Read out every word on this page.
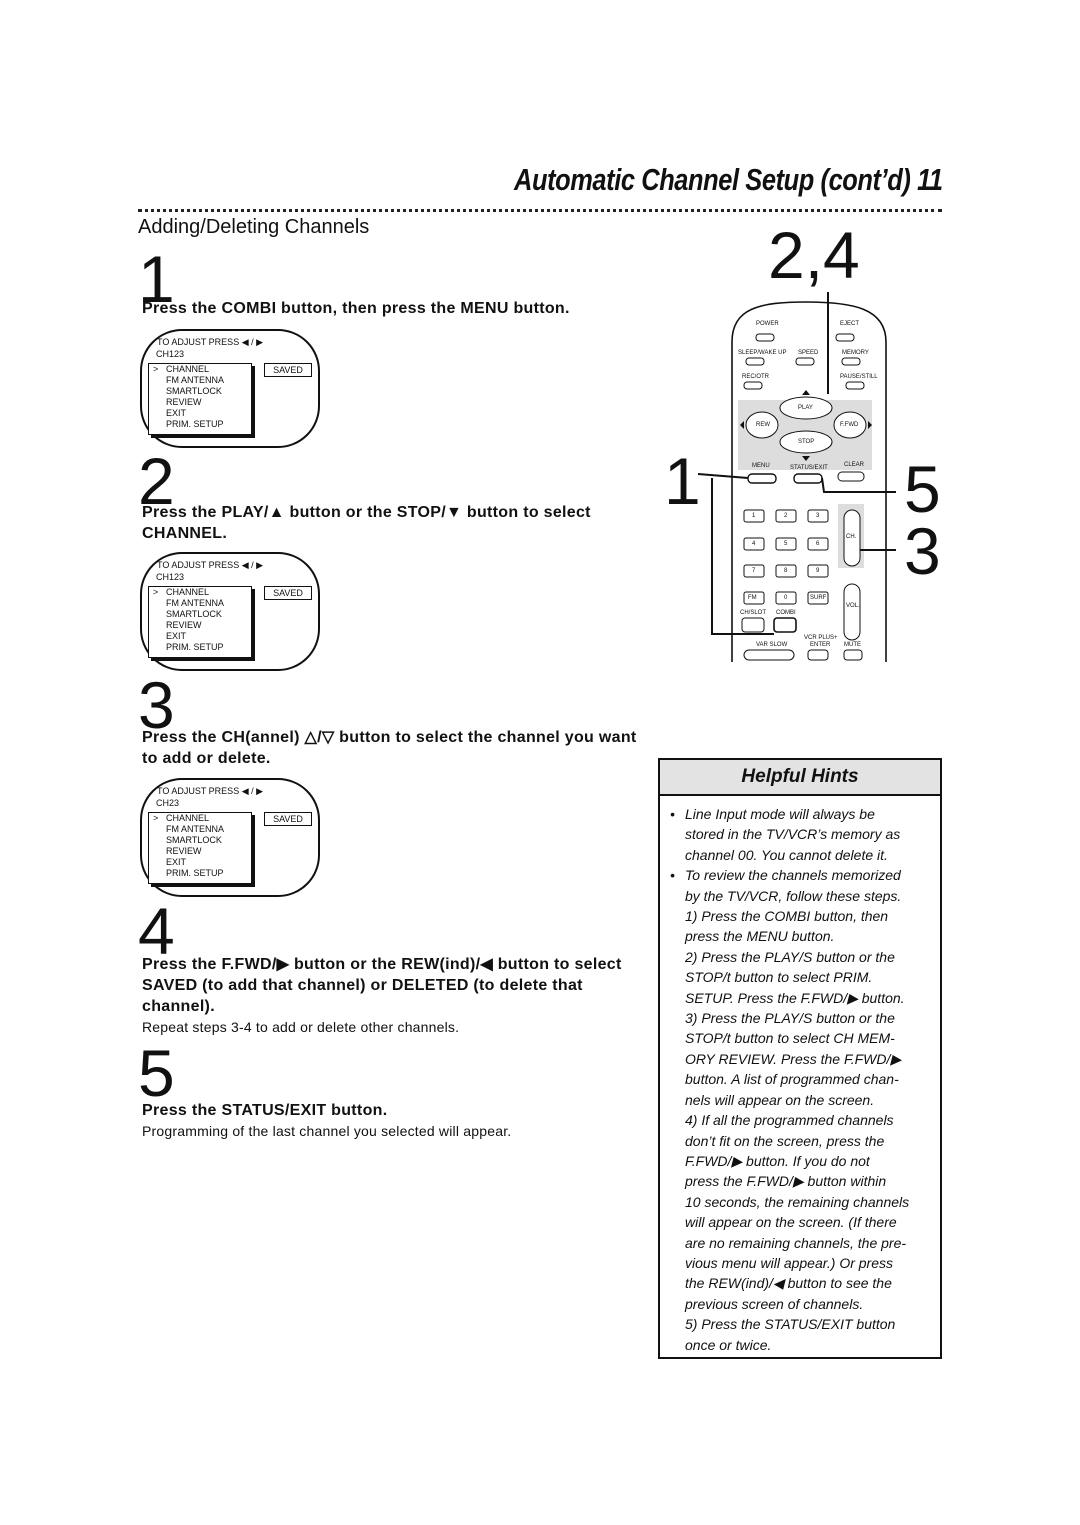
Automatic Channel Setup (cont’d) 11
Adding/Deleting Channels
1
Press the COMBI button, then press the MENU button.
TO ADJUST PRESS ◀ / ▶
CH123
> CHANNEL
FM ANTENNA
SMARTLOCK
REVIEW
EXIT
PRIM. SETUP
SAVED
2
Press the PLAY/▲ button or the STOP/▼ button to select CHANNEL.
TO ADJUST PRESS ◀ / ▶
CH123
> CHANNEL
FM ANTENNA
SMARTLOCK
REVIEW
EXIT
PRIM. SETUP
SAVED
3
Press the CH(annel) △/▽ button to select the channel you want to add or delete.
TO ADJUST PRESS ◀ / ▶
CH23
> CHANNEL
FM ANTENNA
SMARTLOCK
REVIEW
EXIT
PRIM. SETUP
SAVED
4
Press the F.FWD/▶ button or the REW(ind)/◀ button to select SAVED (to add that channel) or DELETED (to delete that channel).
Repeat steps 3-4 to add or delete other channels.
5
Press the STATUS/EXIT button.
Programming of the last channel you selected will appear.
2,4
1	5
3
POWER	EJECT
SLEEP/WAKE UP SPEED	MEMORY
REC/OTR	PAUSE/STILL
PLAY
REW	F.FWD
STOP
MENU	STATUS/EXIT	CLEAR
1	2	3
4	5	6
7	8	9
FM	0	SURF
CH.
VOL.
CH/SLOT COMBI
VCR PLUS+
ENTER
VAR SLOW	MUTE
Helpful Hints
• Line Input mode will always be
stored in the TV/VCR’s memory as
channel 00. You cannot delete it.
• To review the channels memorized
by the TV/VCR, follow these steps.
1) Press the COMBI button, then
press the MENU button.
2) Press the PLAY/S button or the
STOP/t button to select PRIM.
SETUP. Press the F.FWD/▶ button.
3) Press the PLAY/S button or the
STOP/t button to select CH MEM-
ORY REVIEW. Press the F.FWD/▶
button. A list of programmed chan-
nels will appear on the screen.
4) If all the programmed channels
don’t fit on the screen, press the
F.FWD/▶ button. If you do not
press the F.FWD/▶ button within
10 seconds, the remaining channels
will appear on the screen. (If there
are no remaining channels, the pre-
vious menu will appear.) Or press
the REW(ind)/◀ button to see the
previous screen of channels.
5) Press the STATUS/EXIT button
once or twice.
